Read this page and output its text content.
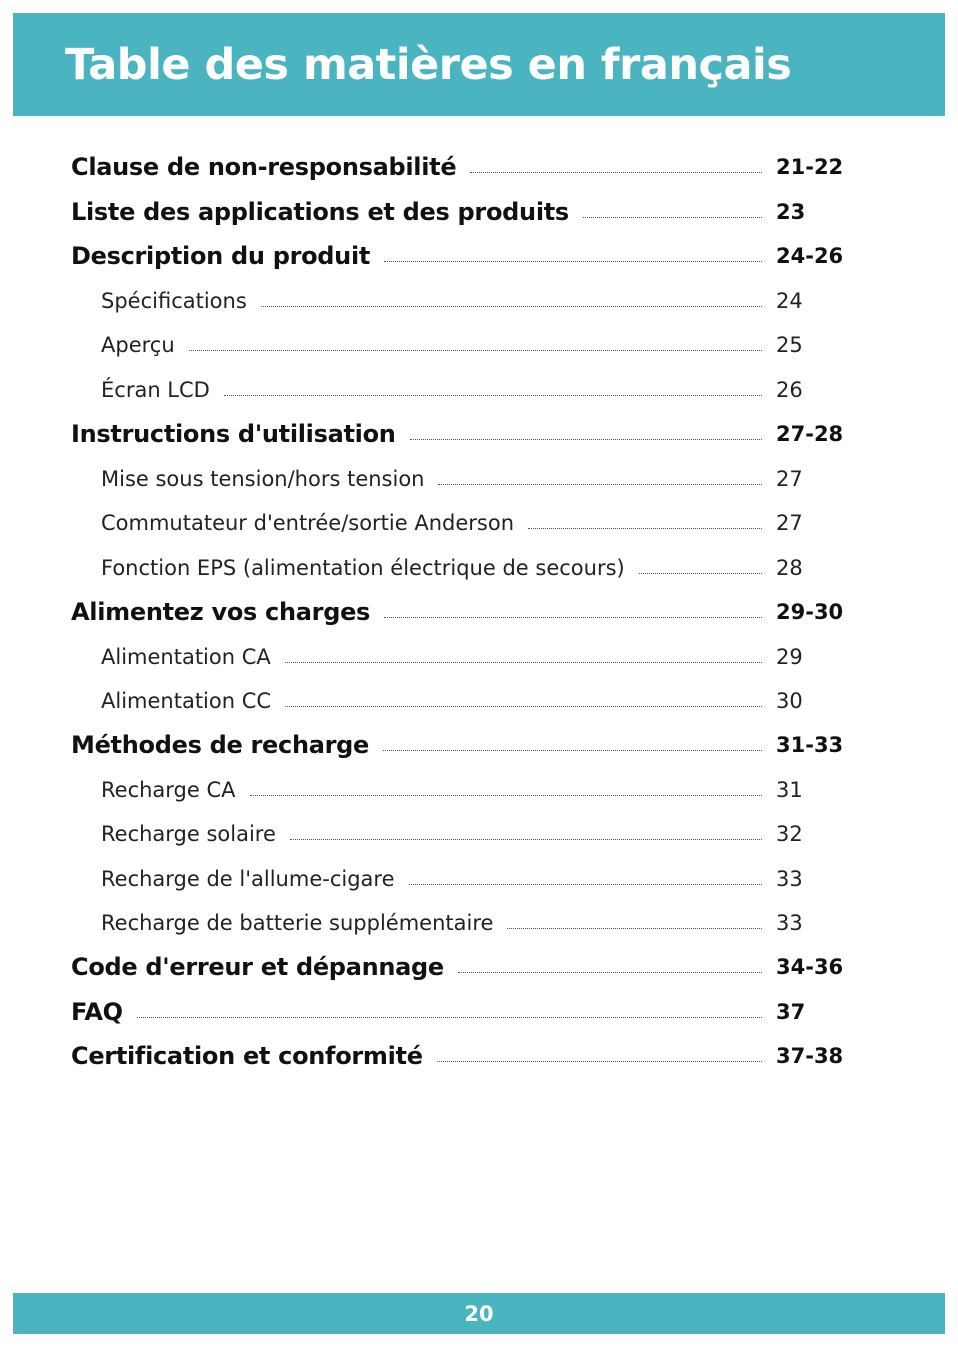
Table des matières en français
Clause de non-responsabilité	21-22
Liste des applications et des produits	23
Description du produit	24-26
Spécifications	24
Aperçu	25
Écran LCD	26
Instructions d'utilisation	27-28
Mise sous tension/hors tension	27
Commutateur d'entrée/sortie Anderson	27
Fonction EPS (alimentation électrique de secours)	28
Alimentez vos charges	29-30
Alimentation CA	29
Alimentation CC	30
Méthodes de recharge	31-33
Recharge CA	31
Recharge solaire	32
Recharge de l'allume-cigare	33
Recharge de batterie supplémentaire	33
Code d'erreur et dépannage	34-36
FAQ	37
Certification et conformité	37-38
20
